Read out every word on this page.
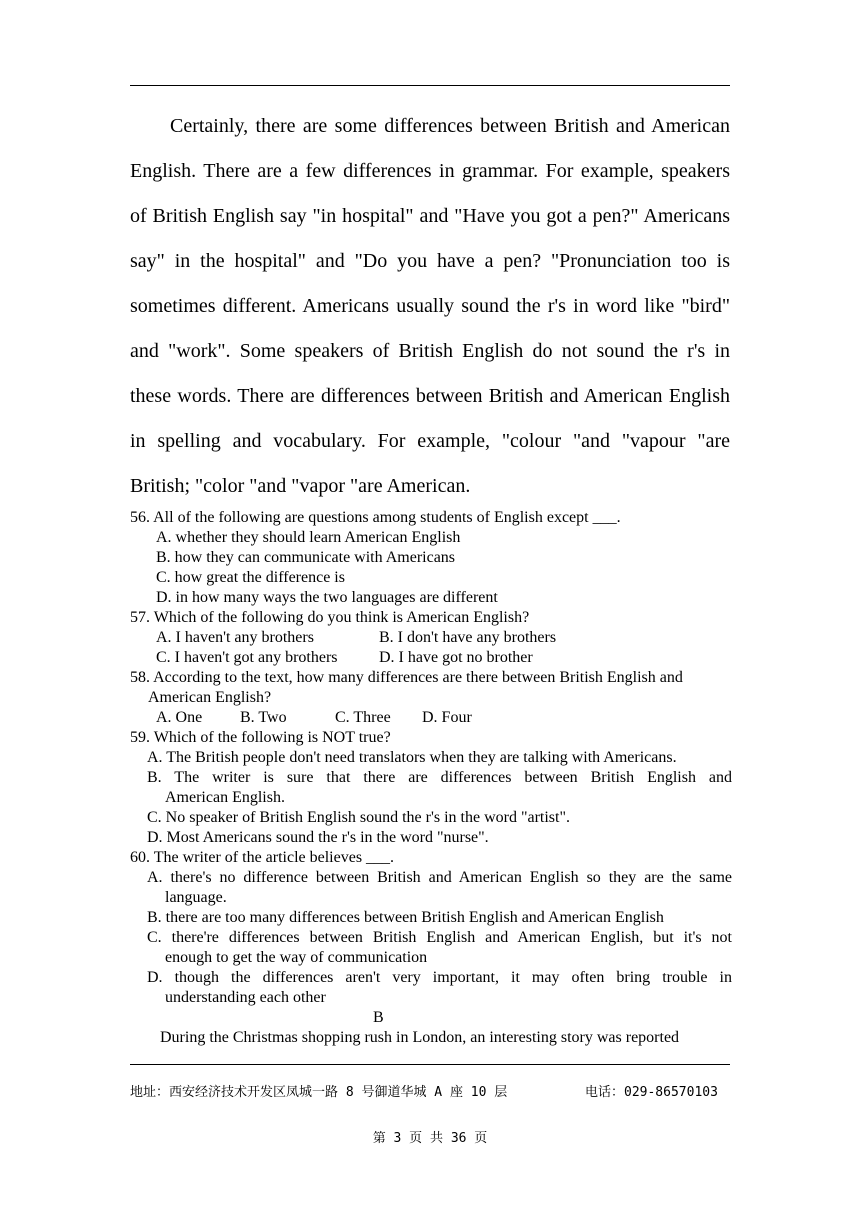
Certainly, there are some differences between British and American
English. There are a few differences in grammar. For example, speakers
of British English say "in hospital" and "Have you got a pen?" Americans
say" in the hospital" and "Do you have a pen? "Pronunciation too is
sometimes different. Americans usually sound the r's in word like "bird"
and "work". Some speakers of British English do not sound the r's in
these words. There are differences between British and American English
in spelling and vocabulary. For example, "colour "and "vapour "are
British; "color "and "vapor "are American.
56. All of the following are questions among students of English except ___.
A. whether they should learn American English
B. how they can communicate with Americans
C. how great the difference is
D. in how many ways the two languages are different
57. Which of the following do you think is American English?
A. I haven't any brothers	B. I don't have any brothers
C. I haven't got any brothers	D. I have got no brother
58. According to the text, how many differences are there between British English and
American English?
A. One B. Two	C. Three D. Four
59. Which of the following is NOT true?
A. The British people don't need translators when they are talking with Americans.
B. The writer is sure that there are differences between British English and
American English.
C. No speaker of British English sound the r's in the word "artist".
D. Most Americans sound the r's in the word "nurse".
60. The writer of the article believes ___.
A. there's no difference between British and American English so they are the same
language.
B. there are too many differences between British English and American English
C. there're differences between British English and American English, but it's not
enough to get the way of communication
D. though the differences aren't very important, it may often bring trouble in
understanding each other
B
During the Christmas shopping rush in London, an interesting story was reported
地址：西安经济技术开发区凤城一路 8 号御道华城 A 座 10 层	电话：029-86570103
第 3 页 共 36 页
